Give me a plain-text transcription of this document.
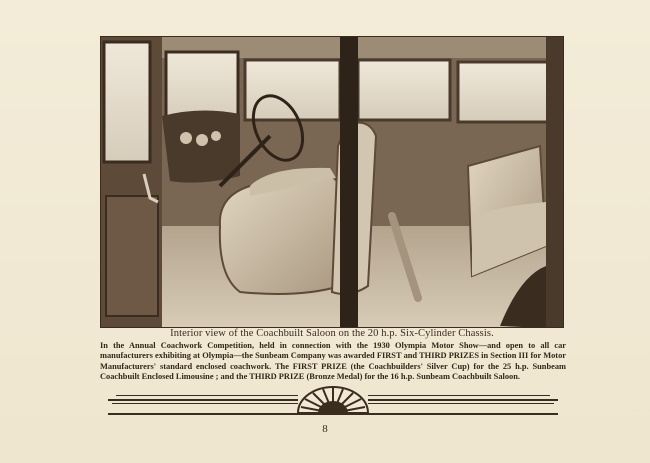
Interior view of the Coachbuilt Saloon on the 20 h.p. Six-Cylinder Chassis.

In the Annual Coachwork Competition, held in connection with the 1930 Olympia Motor Show—and open to all car manufacturers exhibiting at Olympia—the Sunbeam Company was awarded FIRST and THIRD PRIZES in Section III for Motor Manufacturers' standard enclosed coachwork. The FIRST PRIZE (the Coachbuilders' Silver Cup) for the 25 h.p. Sunbeam Coachbuilt Enclosed Limousine ; and the THIRD PRIZE (Bronze Medal) for the 16 h.p. Sunbeam Coachbuilt Saloon.

8
